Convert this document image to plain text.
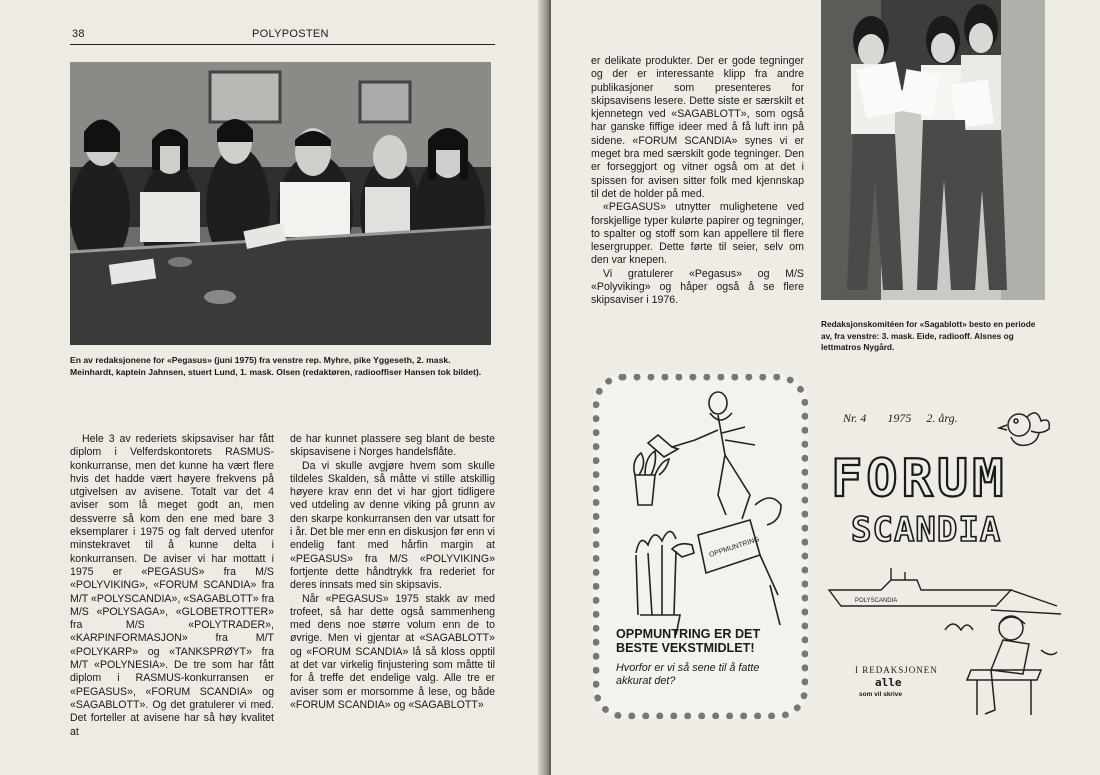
38	POLYPOSTEN
En av redaksjonene for «Pegasus» (juni 1975) fra venstre rep. Myhre, pike Yggeseth, 2. mask. Meinhardt, kaptein Jahnsen, stuert Lund, 1. mask. Olsen (redaktøren, radiooffiser Hansen tok bildet).

Hele 3 av rederiets skipsaviser har fått diplom i Velferdskontorets RASMUS-konkurranse, men det kunne ha vært flere hvis det hadde vært høyere frekvens på utgivelsen av avisene. Totalt var det 4 aviser som lå meget godt an, men dessverre så kom den ene med bare 3 eksemplarer i 1975 og falt derved utenfor minstekravet til å kunne delta i konkurransen. De aviser vi har mottatt i 1975 er «PEGASUS» fra M/S «POLYVIKING», «FORUM SCANDIA» fra M/T «POLYSCANDIA», «SAGABLOTT» fra M/S «POLYSAGA», «GLOBETROTTER» fra M/S «POLYTRADER», «KARPINFORMASJON» fra M/T «POLYKARP» og «TANKSPRØYT» fra M/T «POLYNESIA». De tre som har fått diplom i RASMUS-konkurransen er «PEGASUS», «FORUM SCANDIA» og «SAGABLOTT». Og det gratulerer vi med. Det forteller at avisene har så høy kvalitet at

de har kunnet plassere seg blant de beste skipsavisene i Norges handelsflåte.

Da vi skulle avgjøre hvem som skulle tildeles Skalden, så måtte vi stille atskillig høyere krav enn det vi har gjort tidligere ved utdeling av denne viking på grunn av den skarpe konkurransen den var utsatt for i år. Det ble mer enn en diskusjon før enn vi endelig fant med hårfin margin at «PEGASUS» fra M/S «POLYVIKING» fortjente dette håndtrykk fra rederiet for deres innsats med sin skipsavis.

Når «PEGASUS» 1975 stakk av med trofeet, så har dette også sammenheng med dens noe større volum enn de to øvrige. Men vi gjentar at «SAGABLOTT» og «FORUM SCANDIA» lå så kloss opptil at det var virkelig finjustering som måtte til for å treffe det endelige valg. Alle tre er aviser som er morsomme å lese, og både «FORUM SCANDIA» og «SAGABLOTT»

er delikate produkter. Der er gode tegninger og der er interessante klipp fra andre publikasjoner som presenteres for skipsavisens lesere. Dette siste er særskilt et kjennetegn ved «SAGABLOTT», som også har ganske fiffige ideer med å få luft inn på sidene. «FORUM SCANDIA» synes vi er meget bra med særskilt gode tegninger. Den er forseggjort og vitner også om at det i spissen for avisen sitter folk med kjennskap til det de holder på med.

«PEGASUS» utnytter mulighetene ved forskjellige typer kulørte papirer og tegninger, to spalter og stoff som kan appellere til flere lesergrupper. Dette førte til seier, selv om den var knepen.

Vi gratulerer «Pegasus» og M/S «Polyviking» og håper også å se flere skipsaviser i 1976.

Redaksjonskomitéen for «Sagablott» besto en periode av, fra venstre: 3. mask. Eide, radiooff. Alsnes og lettmatros Nygård.
OPPMUNTRING
OPPMUNTRING ER DET
BESTE VEKSTMIDLET!
Hvorfor er vi så sene til å fatte akkurat det?
Nr. 4 1975 2. årg.
FORUM
SCANDIA
POLYSCANDIA
I REDAKSJONEN
alle
som vil skrive
